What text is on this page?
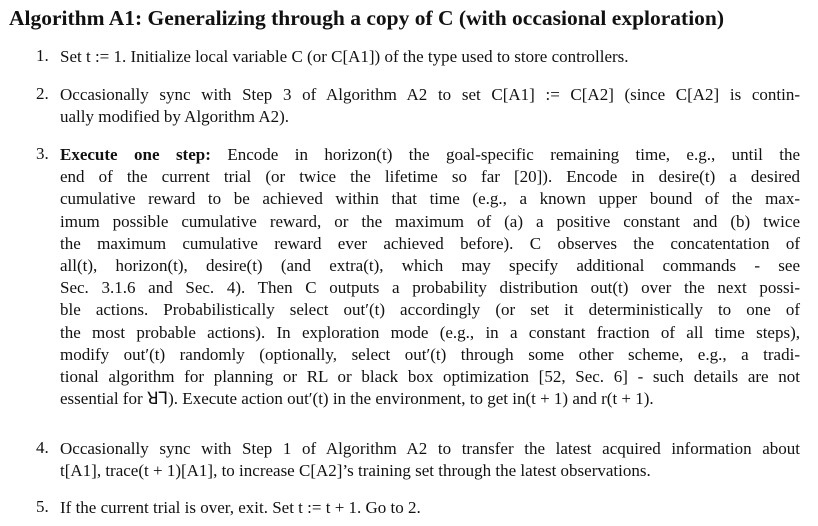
Algorithm A1: Generalizing through a copy of C (with occasional exploration)
1. Set t := 1. Initialize local variable C (or C[A1]) of the type used to store controllers.
2. Occasionally sync with Step 3 of Algorithm A2 to set C[A1] := C[A2] (since C[A2] is contin-
ually modified by Algorithm A2).
3. Execute one step: Encode in horizon(t) the goal-specific remaining time, e.g., until the
end of the current trial (or twice the lifetime so far [20]). Encode in desire(t) a desired
cumulative reward to be achieved within that time (e.g., a known upper bound of the max-
imum possible cumulative reward, or the maximum of (a) a positive constant and (b) twice
the maximum cumulative reward ever achieved before). C observes the concatentation of
all(t), horizon(t), desire(t) (and extra(t), which may specify additional commands - see
Sec. 3.1.6 and Sec. 4). Then C outputs a probability distribution out(t) over the next possi-
ble actions. Probabilistically select out′(t) accordingly (or set it deterministically to one of
the most probable actions). In exploration mode (e.g., in a constant fraction of all time steps),
modify out′(t) randomly (optionally, select out′(t) through some other scheme, e.g., a tradi-
tional algorithm for planning or RL or black box optimization [52, Sec. 6] - such details are not
essential for ꓤꓶ). Execute action out′(t) in the environment, to get in(t + 1) and r(t + 1).
4. Occasionally sync with Step 1 of Algorithm A2 to transfer the latest acquired information about
t[A1], trace(t + 1)[A1], to increase C[A2]’s training set through the latest observations.
5. If the current trial is over, exit. Set t := t + 1. Go to 2.
